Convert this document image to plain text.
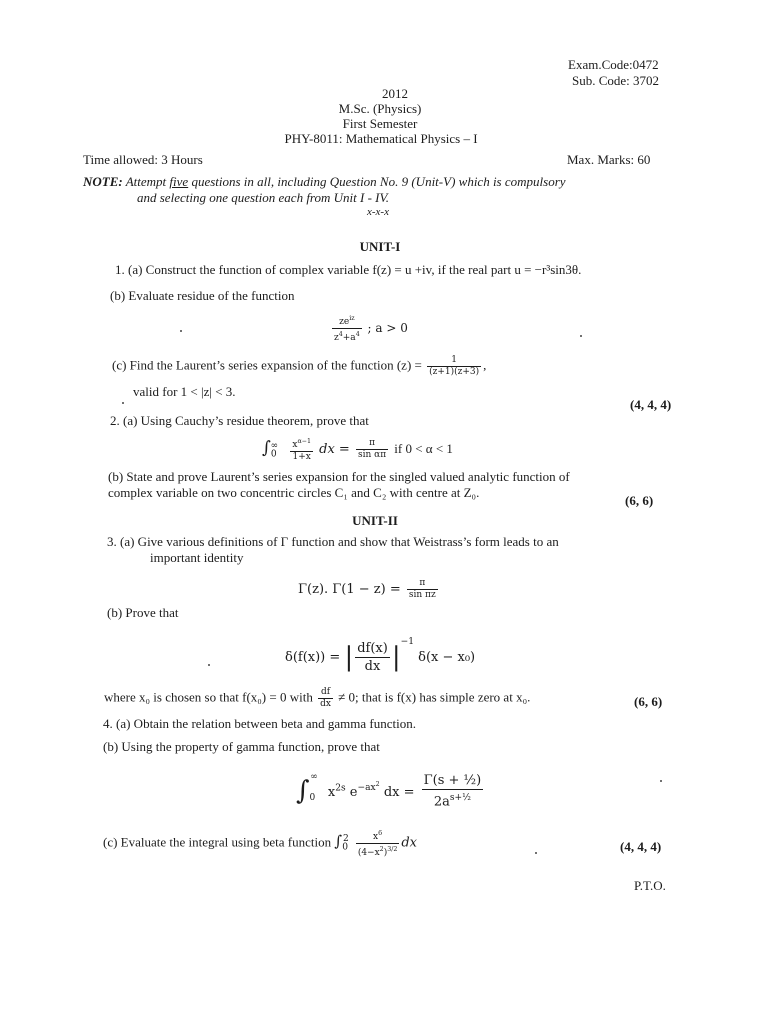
Exam.Code:0472
Sub. Code: 3702
2012
M.Sc. (Physics)
First Semester
PHY-8011: Mathematical Physics – I
Time allowed: 3 Hours	Max. Marks: 60
NOTE: Attempt five questions in all, including Question No. 9 (Unit-V) which is compulsory
and selecting one question each from Unit I - IV.
x-x-x
UNIT-I
1. (a) Construct the function of complex variable f(z) = u +iv, if the real part u = −r³sin3θ.
(b) Evaluate residue of the function
$\frac{ze^{iz}}{z^4+a^4}$ ; a > 0
(c) Find the Laurent’s series expansion of the function $(z) = \frac{1}{(z+1)(z+3)}$ ,
valid for 1 < |z| < 3.
(4, 4, 4)
2. (a) Using Cauchy’s residue theorem, prove that
$\int_0^\infty \frac{x^{\alpha-1}}{1+x}$ dx = $\frac{\pi}{\text{sin απ}}$ if 0 < α < 1
(b) State and prove Laurent’s series expansion for the singled valued analytic function of
complex variable on two concentric circles C₁ and C₂ with centre at Z₀.
(6, 6)
UNIT-II
3. (a) Give various definitions of Γ function and show that Weistrass’s form leads to an
important identity
Γ(z). $\Gamma(1 - z) = \frac{\pi}{\text{sin πz}}$
(b) Prove that
δ(f(x)) = | $\frac{df(x)}{dx} |^{-1}$ δ(x − x₀)
where x₀ is chosen so that f(x₀) = 0 with $\frac{df}{dx} \ne 0$; that is f(x) has simple zero at x₀.	(6, 6)
4. (a) Obtain the relation between beta and gamma function.
(b) Using the property of gamma function, prove that
$\int_0^\infty$ $x^{2s}$ $e^{-ax^2}$ dx = $\frac{\text{Γ(s + ½)}}{2a^{s+\frac{1}{2}}}$
(c) Evaluate the integral using beta function $\int_0^2 \frac{x^6}{(4-x^2)^{3/2}}$ dx	(4, 4, 4)
P.T.O.
